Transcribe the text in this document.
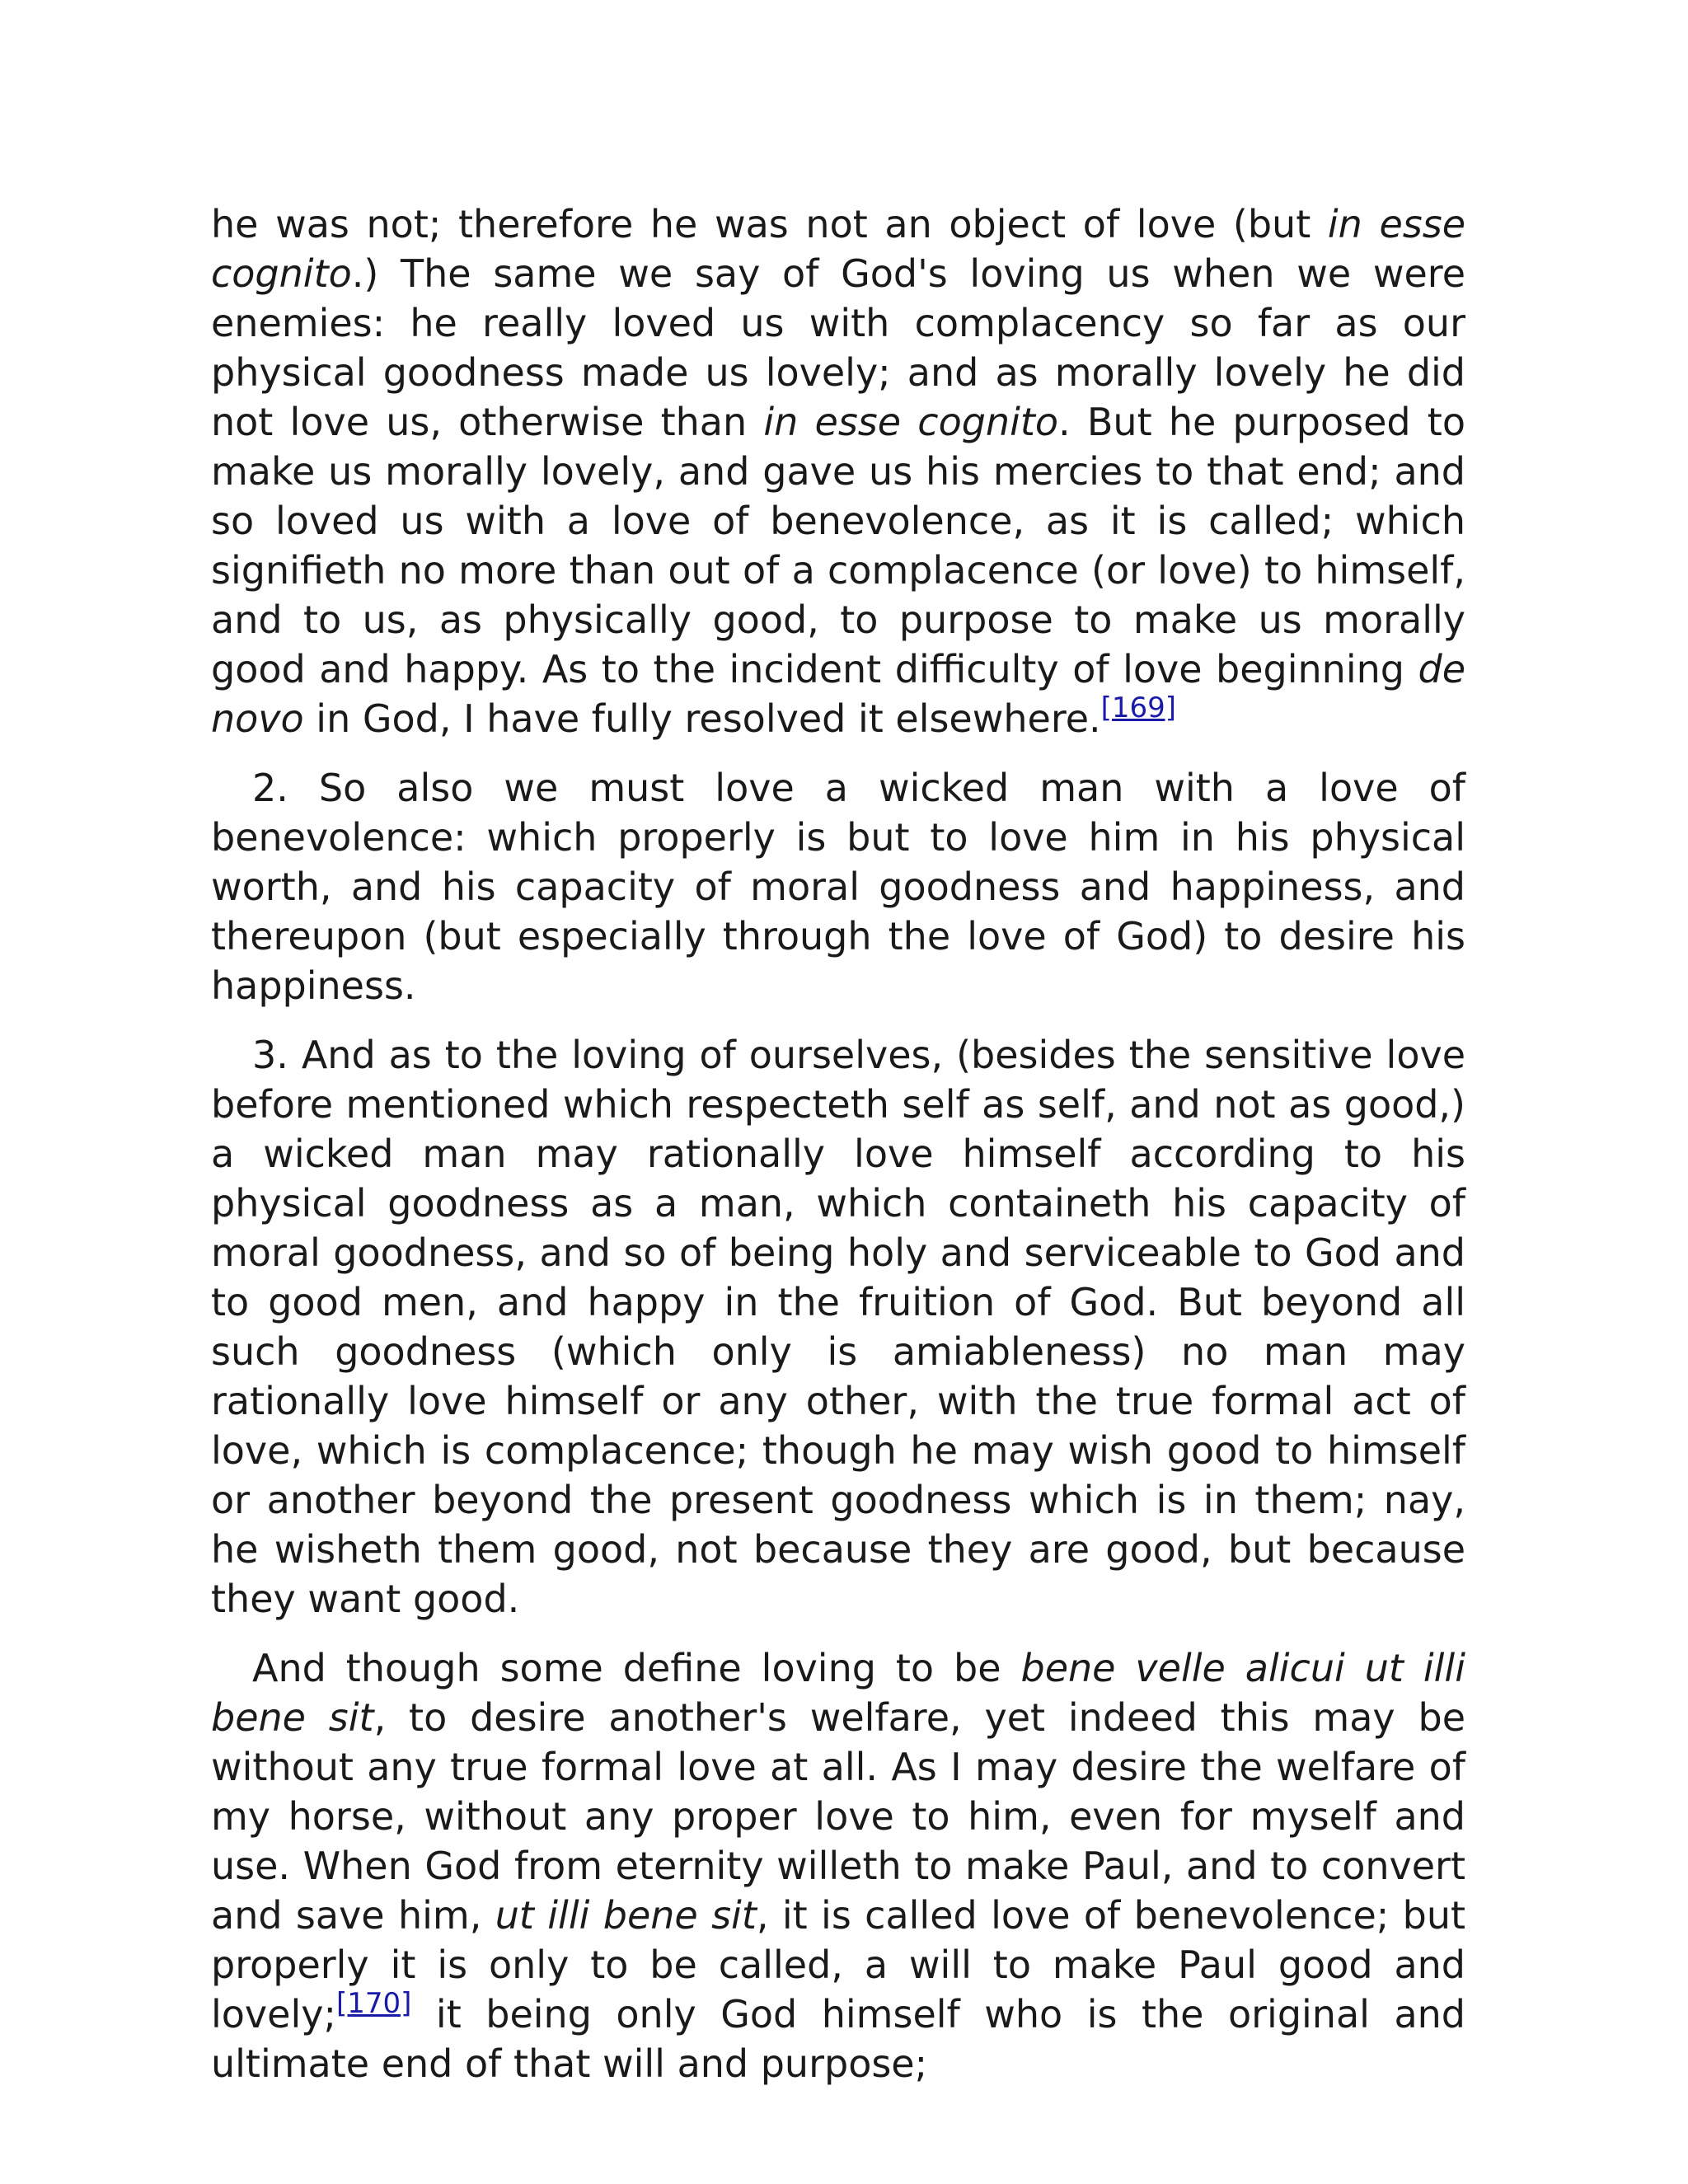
he was not; therefore he was not an object of love (but in esse cognito.) The same we say of God's loving us when we were enemies: he really loved us with complacency so far as our physical goodness made us lovely; and as morally lovely he did not love us, otherwise than in esse cognito. But he purposed to make us morally lovely, and gave us his mercies to that end; and so loved us with a love of benevolence, as it is called; which signifieth no more than out of a complacence (or love) to himself, and to us, as physically good, to purpose to make us morally good and happy. As to the incident difficulty of love beginning de novo in God, I have fully resolved it elsewhere.[169]

2. So also we must love a wicked man with a love of benevolence: which properly is but to love him in his physical worth, and his capacity of moral goodness and happiness, and thereupon (but especially through the love of God) to desire his happiness.

3. And as to the loving of ourselves, (besides the sensitive love before mentioned which respecteth self as self, and not as good,) a wicked man may rationally love himself according to his physical goodness as a man, which containeth his capacity of moral goodness, and so of being holy and serviceable to God and to good men, and happy in the fruition of God. But beyond all such goodness (which only is amiableness) no man may rationally love himself or any other, with the true formal act of love, which is complacence; though he may wish good to himself or another beyond the present goodness which is in them; nay, he wisheth them good, not because they are good, but because they want good.

And though some define loving to be bene velle alicui ut illi bene sit, to desire another's welfare, yet indeed this may be without any true formal love at all. As I may desire the welfare of my horse, without any proper love to him, even for myself and use. When God from eternity willeth to make Paul, and to convert and save him, ut illi bene sit, it is called love of benevolence; but properly it is only to be called, a will to make Paul good and lovely;[170] it being only God himself who is the original and ultimate end of that will and purpose;
